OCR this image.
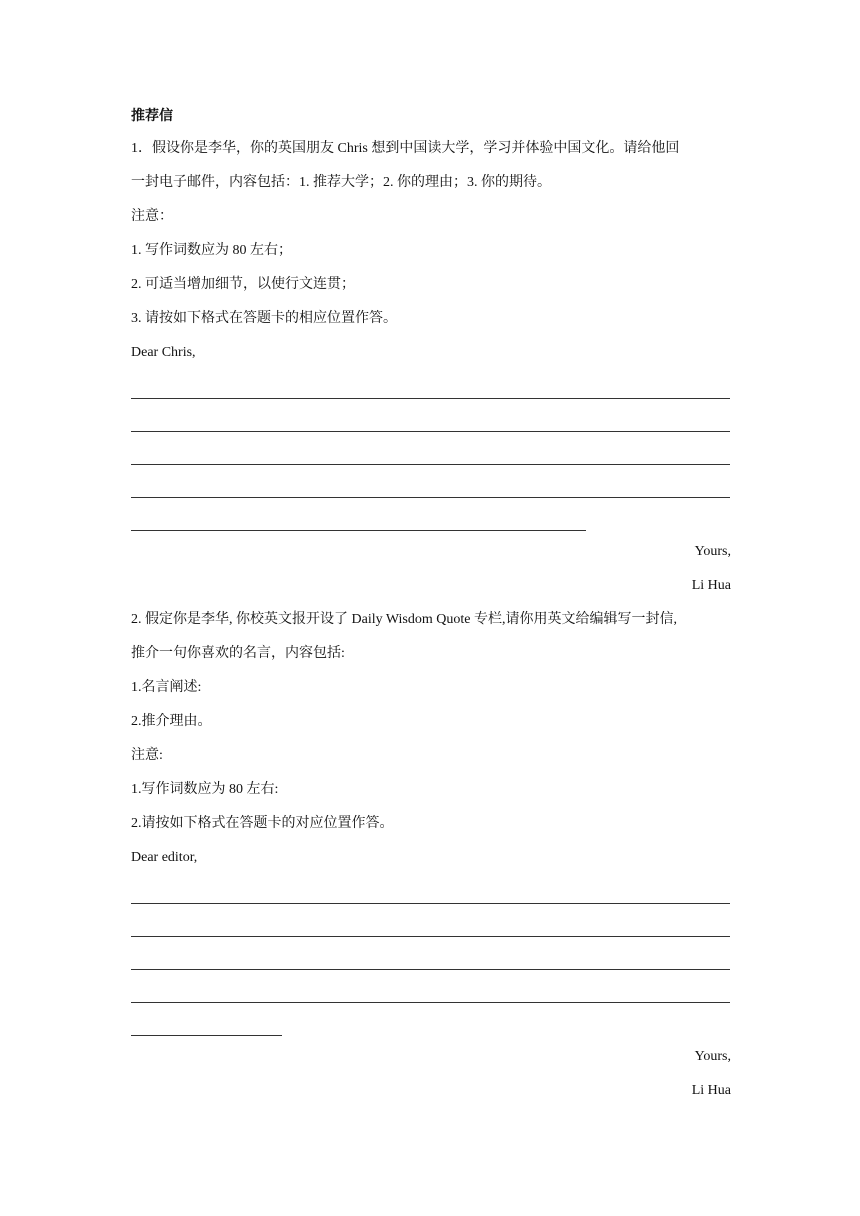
推荐信
1．假设你是李华，你的英国朋友 Chris 想到中国读大学，学习并体验中国文化。请给他回
一封电子邮件，内容包括：1. 推荐大学；2. 你的理由；3. 你的期待。
注意：
1. 写作词数应为 80 左右；
2. 可适当增加细节，以使行文连贯；
3. 请按如下格式在答题卡的相应位置作答。
Dear Chris,
Yours,
Li Hua
2. 假定你是李华, 你校英文报开设了 Daily Wisdom Quote 专栏,请你用英文给编辑写一封信,
推介一句你喜欢的名言，内容包括:
1.名言阐述:
2.推介理由。
注意:
1.写作词数应为 80 左右:
2.请按如下格式在答题卡的对应位置作答。
Dear editor,
Yours,
Li Hua
